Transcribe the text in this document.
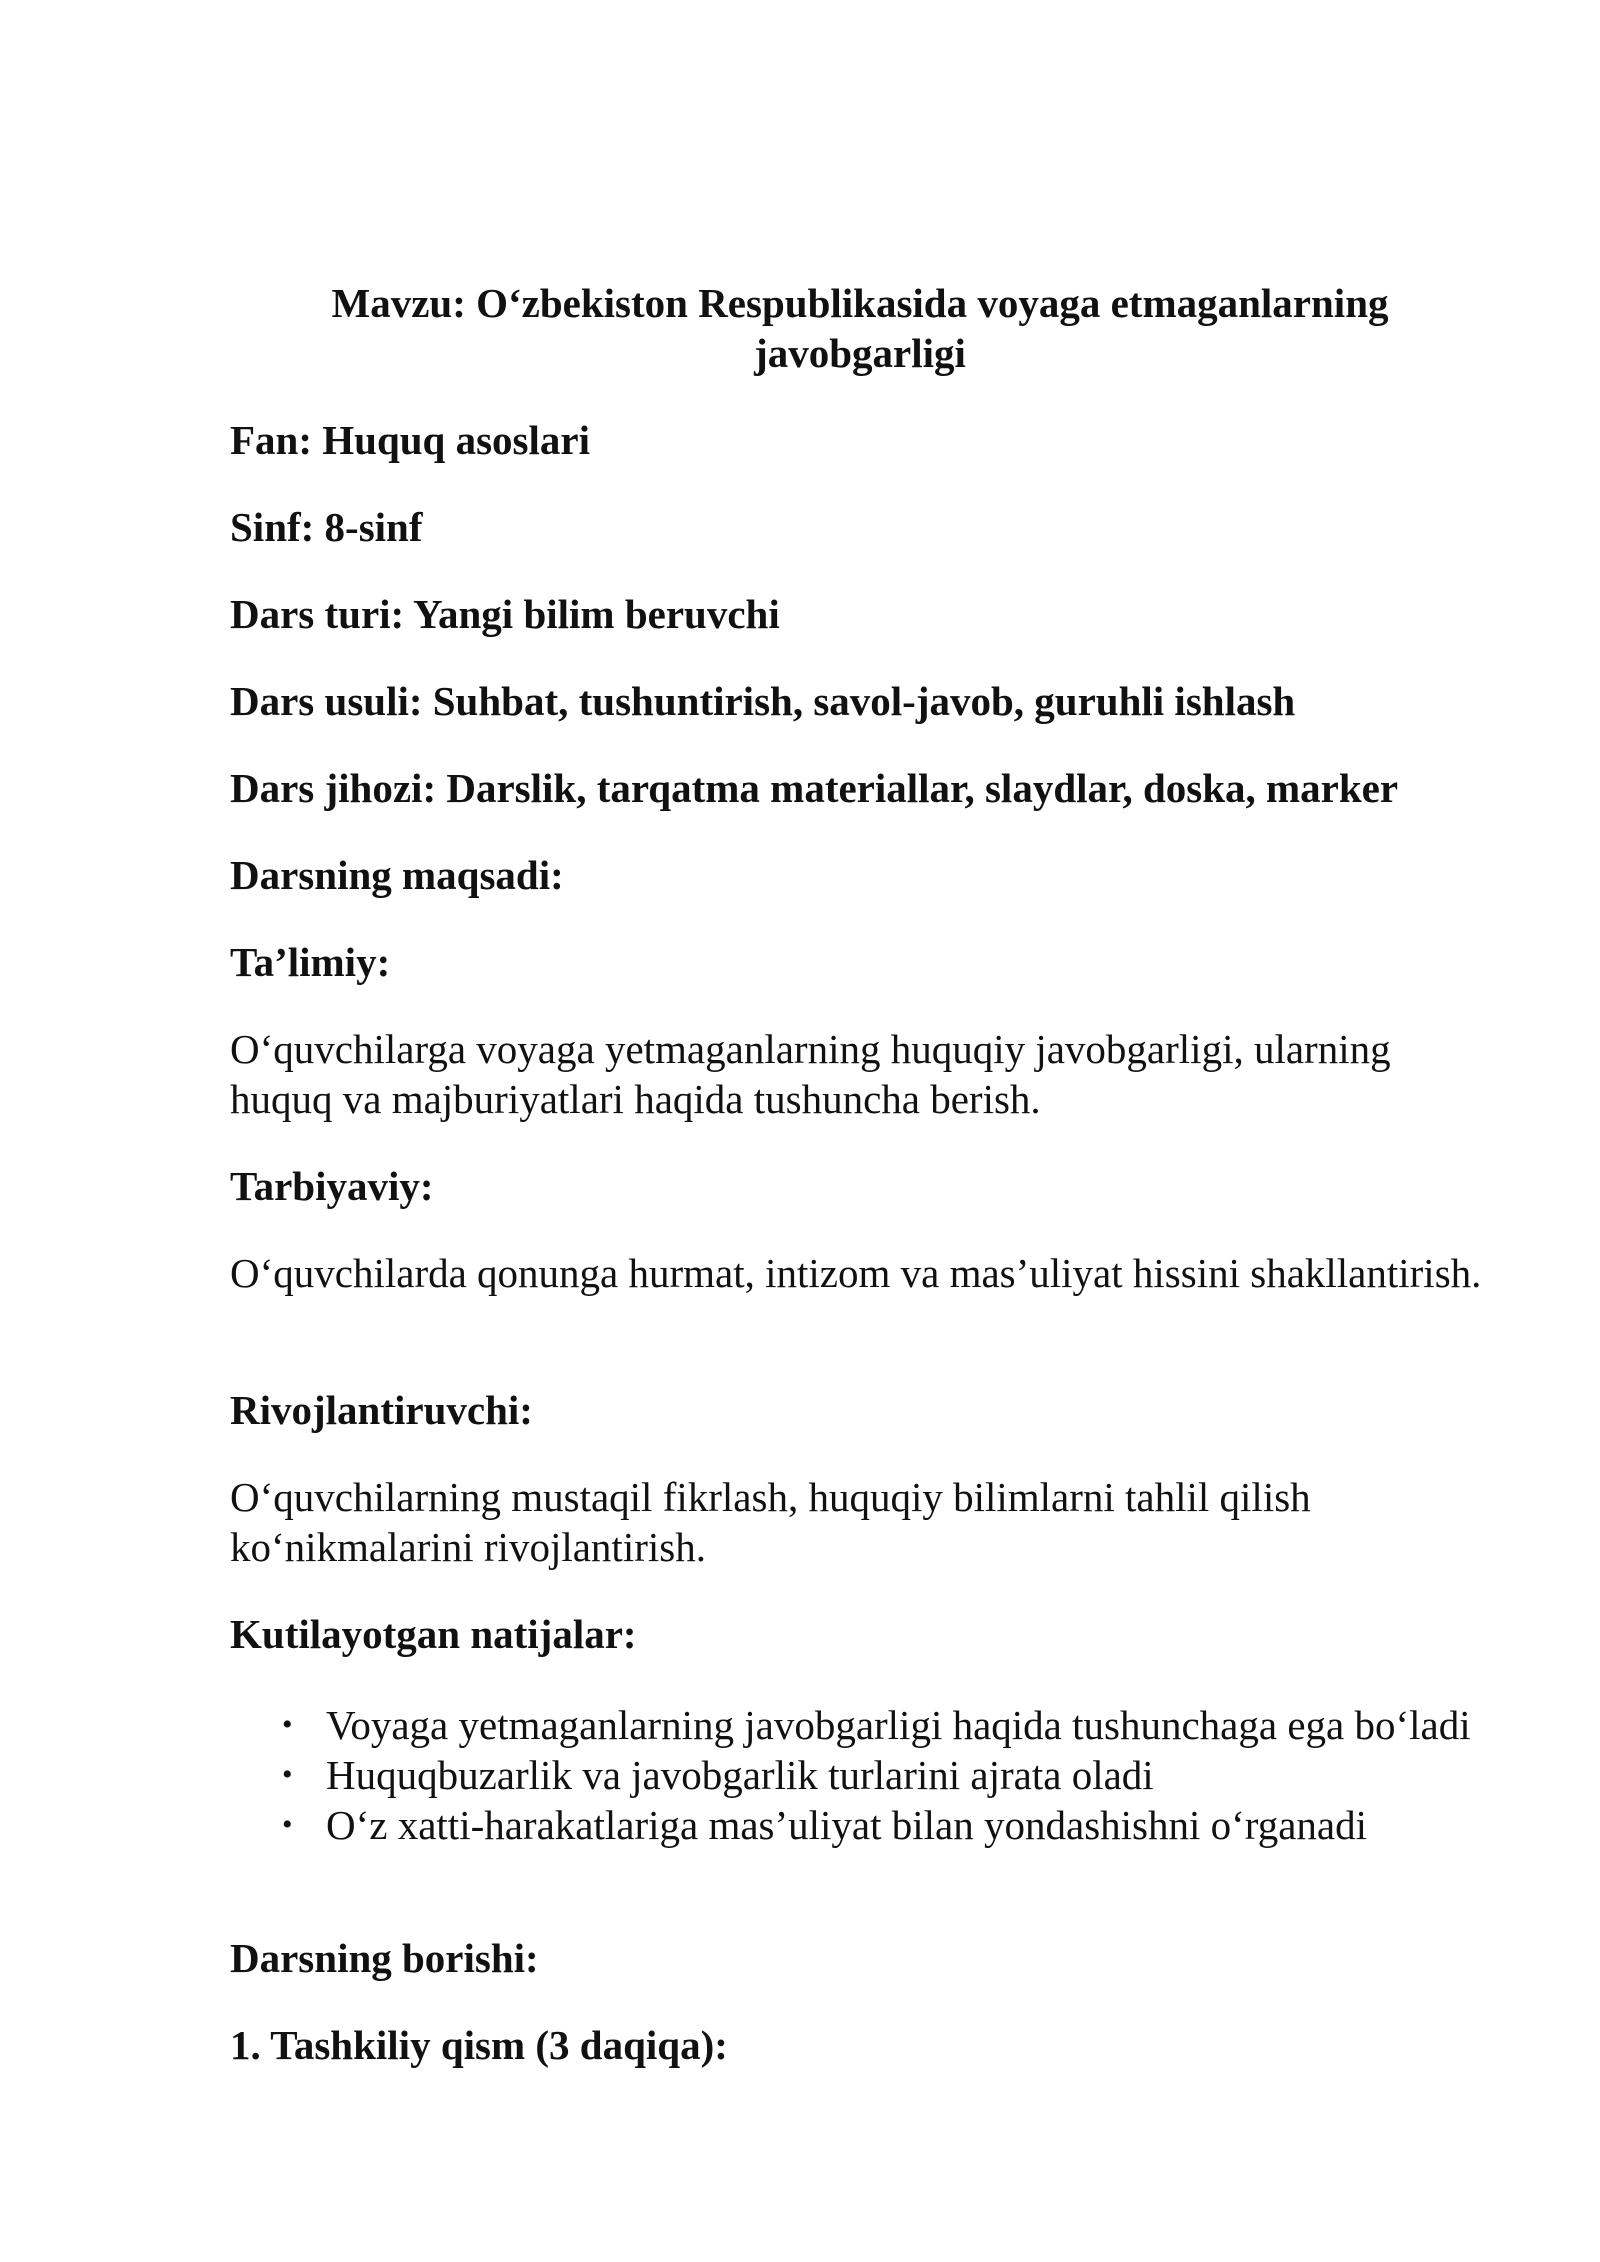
Mavzu: O‘zbekiston Respublikasida voyaga etmaganlarning javobgarligi
Fan: Huquq asoslari
Sinf: 8-sinf
Dars turi: Yangi bilim beruvchi
Dars usuli: Suhbat, tushuntirish, savol-javob, guruhli ishlash
Dars jihozi: Darslik, tarqatma materiallar, slaydlar, doska, marker
Darsning maqsadi:
Ta’limiy:
O‘quvchilarga voyaga yetmaganlarning huquqiy javobgarligi, ularning huquq va majburiyatlari haqida tushuncha berish.
Tarbiyaviy:
O‘quvchilarda qonunga hurmat, intizom va mas’uliyat hissini shakllantirish.
Rivojlantiruvchi:
O‘quvchilarning mustaqil fikrlash, huquqiy bilimlarni tahlil qilish ko‘nikmalarini rivojlantirish.
Kutilayotgan natijalar:
• Voyaga yetmaganlarning javobgarligi haqida tushunchaga ega bo‘ladi
• Huquqbuzarlik va javobgarlik turlarini ajrata oladi
• O‘z xatti-harakatlariga mas’uliyat bilan yondashishni o‘rganadi
Darsning borishi:
1. Tashkiliy qism (3 daqiqa):
